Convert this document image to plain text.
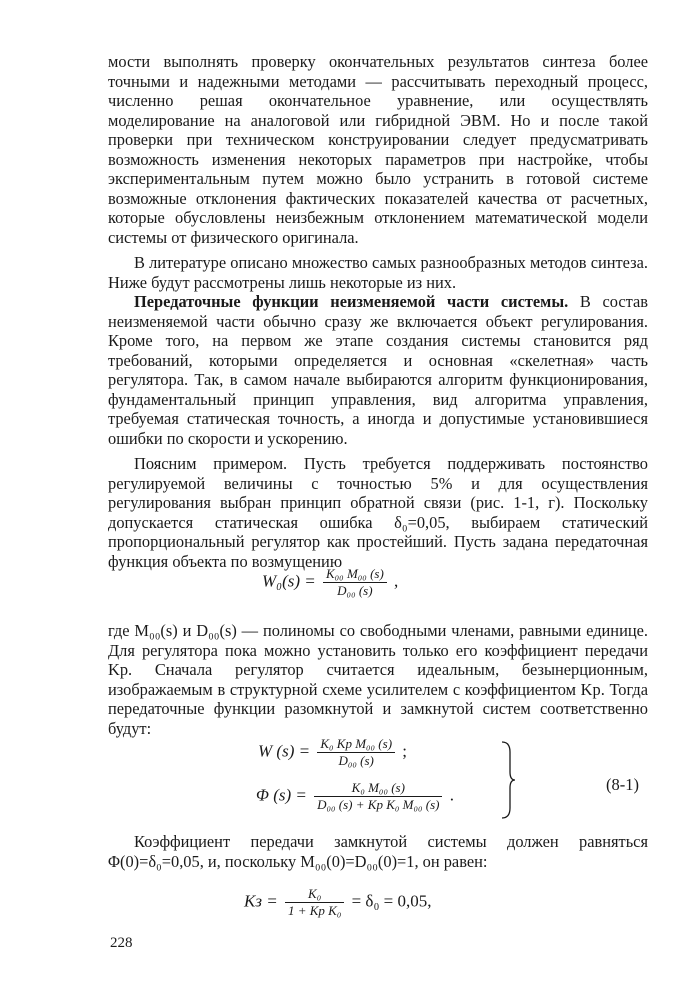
мости выполнять проверку окончательных результатов синтеза более точными и надежными методами — рассчитывать переходный процесс, численно решая окончательное уравнение, или осуществлять моделирование на аналоговой или гибридной ЭВМ. Но и после такой проверки при техническом конструировании следует предусматривать возможность изменения некоторых параметров при настройке, чтобы экспериментальным путем можно было устранить в готовой системе возможные отклонения фактических показателей качества от расчетных, которые обусловлены неизбежным отклонением математической модели системы от физического оригинала.

В литературе описано множество самых разнообразных методов синтеза. Ниже будут рассмотрены лишь некоторые из них.

Передаточные функции неизменяемой части системы. В состав неизменяемой части обычно сразу же включается объект регулирования. Кроме того, на первом же этапе создания системы становится ряд требований, которыми определяется и основная «скелетная» часть регулятора. Так, в самом начале выбираются алгоритм функционирования, фундаментальный принцип управления, вид алгоритма управления, требуемая статическая точность, а иногда и допустимые установившиеся ошибки по скорости и ускорению.

Поясним примером. Пусть требуется поддерживать постоянство регулируемой величины с точностью 5% и для осуществления регулирования выбран принцип обратной связи (рис. 1-1, г). Поскольку допускается статическая ошибка δ₀=0,05, выбираем статический пропорциональный регулятор как простейший. Пусть задана передаточная функция объекта по возмущению

$W_0(s) = \frac{\text{K₀₀ M₀₀ (s)}}{\text{D₀₀ (s)}}$ ,

где M₀₀(s) и D₀₀(s) — полиномы со свободными членами, равными единице. Для регулятора пока можно установить только его коэффициент передачи Kр. Сначала регулятор считается идеальным, безынерционным, изображаемым в структурной схеме усилителем с коэффициентом Kр. Тогда передаточные функции разомкнутой и замкнутой систем соответственно будут:

W $(s) = \frac{\text{K₀ Kр M₀₀ (s)}}{\text{D₀₀ (s)}}$ ;
Φ $(s) = \frac{\text{K₀ M₀₀ (s)}}{\text{D₀₀ (s) + Kр K₀ M₀₀ (s)}}$ .
(8-1)

Коэффициент передачи замкнутой системы должен равняться Φ(0)=δ₀=0,05, и, поскольку M₀₀(0)=D₀₀(0)=1, он равен:

Kз = $\frac{\text{K₀}}{\text{1 + Kр K₀}} = \delta_0 = 0,05$,
228
